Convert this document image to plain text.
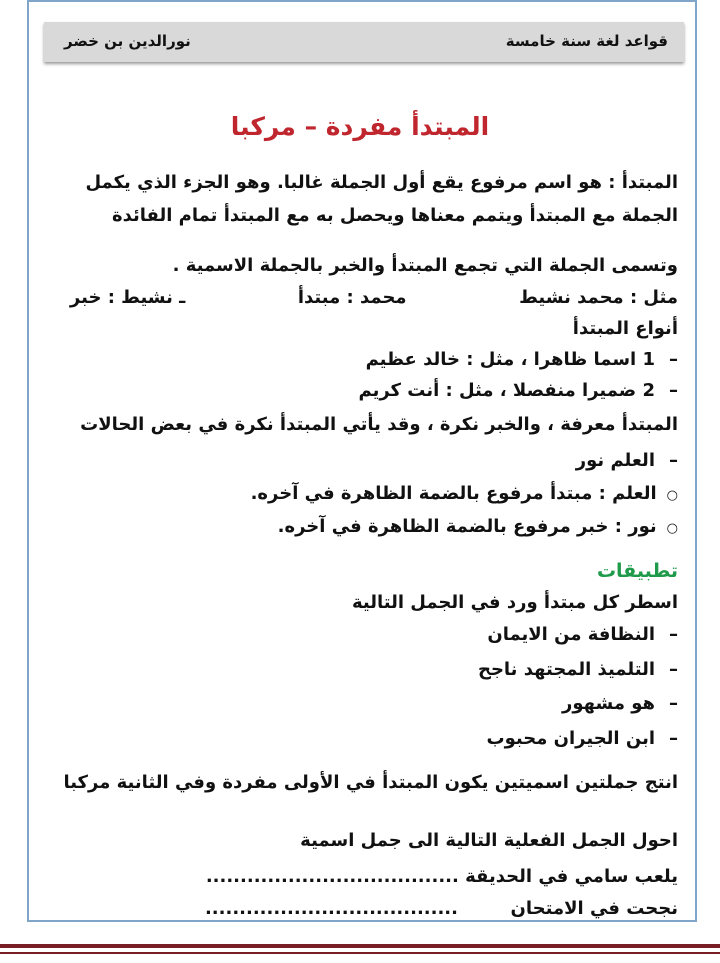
قواعد لغة سنة خامسة
نورالدين بن خضر
المبتدأ مفردة – مركبا
المبتدأ : هو اسم مرفوع يقع أول الجملة غالبا. وهو الجزء الذي يكمل
الجملة مع المبتدأ ويتمم معناها ويحصل به مع المبتدأ تمام الفائدة
وتسمى الجملة التي تجمع المبتدأ والخبر بالجملة الاسمية .
مثل : محمد نشيط  محمد : مبتدأ  ـ نشيط : خبر
أنواع المبتدأ
– 1 اسما ظاهرا ، مثل : خالد عظيم
– 2 ضميرا منفصلا ، مثل : أنت كريم
المبتدأ معرفة ، والخبر نكرة ، وقد يأتي المبتدأ نكرة في بعض الحالات
– العلم نور
○ العلم : مبتدأ مرفوع بالضمة الظاهرة في آخره.
○ نور : خبر مرفوع بالضمة الظاهرة في آخره.
تطبيقات
اسطر كل مبتدأ ورد في الجمل التالية
– النظافة من الايمان
– التلميذ المجتهد ناجح
– هو مشهور
– ابن الجيران محبوب
انتج جملتين اسميتين يكون المبتدأ في الأولى مفردة وفي الثانية مركبا
احول الجمل الفعلية التالية الى جمل اسمية
يلعب سامي في الحديقة .....................................
نجحت في الامتحان  .....................................
